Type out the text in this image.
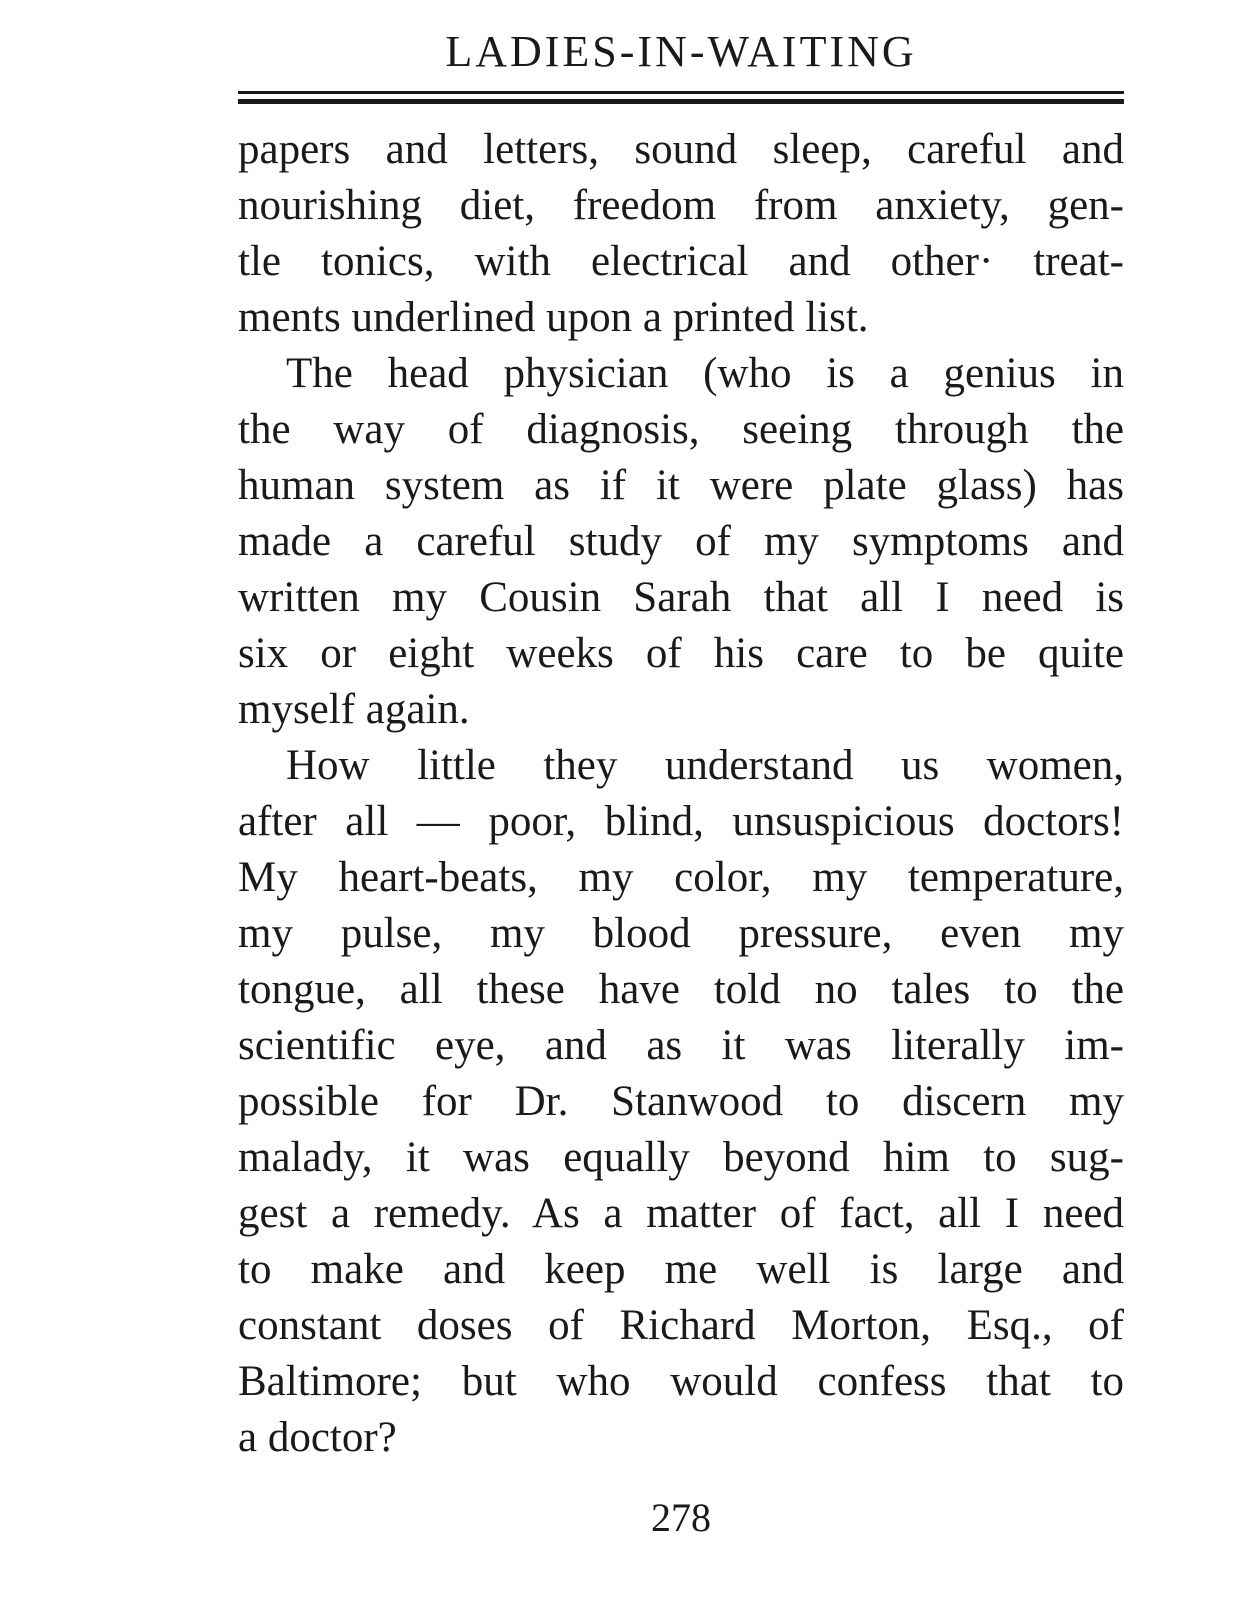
LADIES-IN-WAITING
papers and letters, sound sleep, careful and
nourishing diet, freedom from anxiety, gen-
tle tonics, with electrical and other· treat-
ments underlined upon a printed list.
The head physician (who is a genius in
the way of diagnosis, seeing through the
human system as if it were plate glass) has
made a careful study of my symptoms and
written my Cousin Sarah that all I need is
six or eight weeks of his care to be quite
myself again.
How little they understand us women,
after all — poor, blind, unsuspicious doctors!
My heart-beats, my color, my temperature,
my pulse, my blood pressure, even my
tongue, all these have told no tales to the
scientific eye, and as it was literally im-
possible for Dr. Stanwood to discern my
malady, it was equally beyond him to sug-
gest a remedy. As a matter of fact, all I need
to make and keep me well is large and
constant doses of Richard Morton, Esq., of
Baltimore; but who would confess that to
a doctor?
278
